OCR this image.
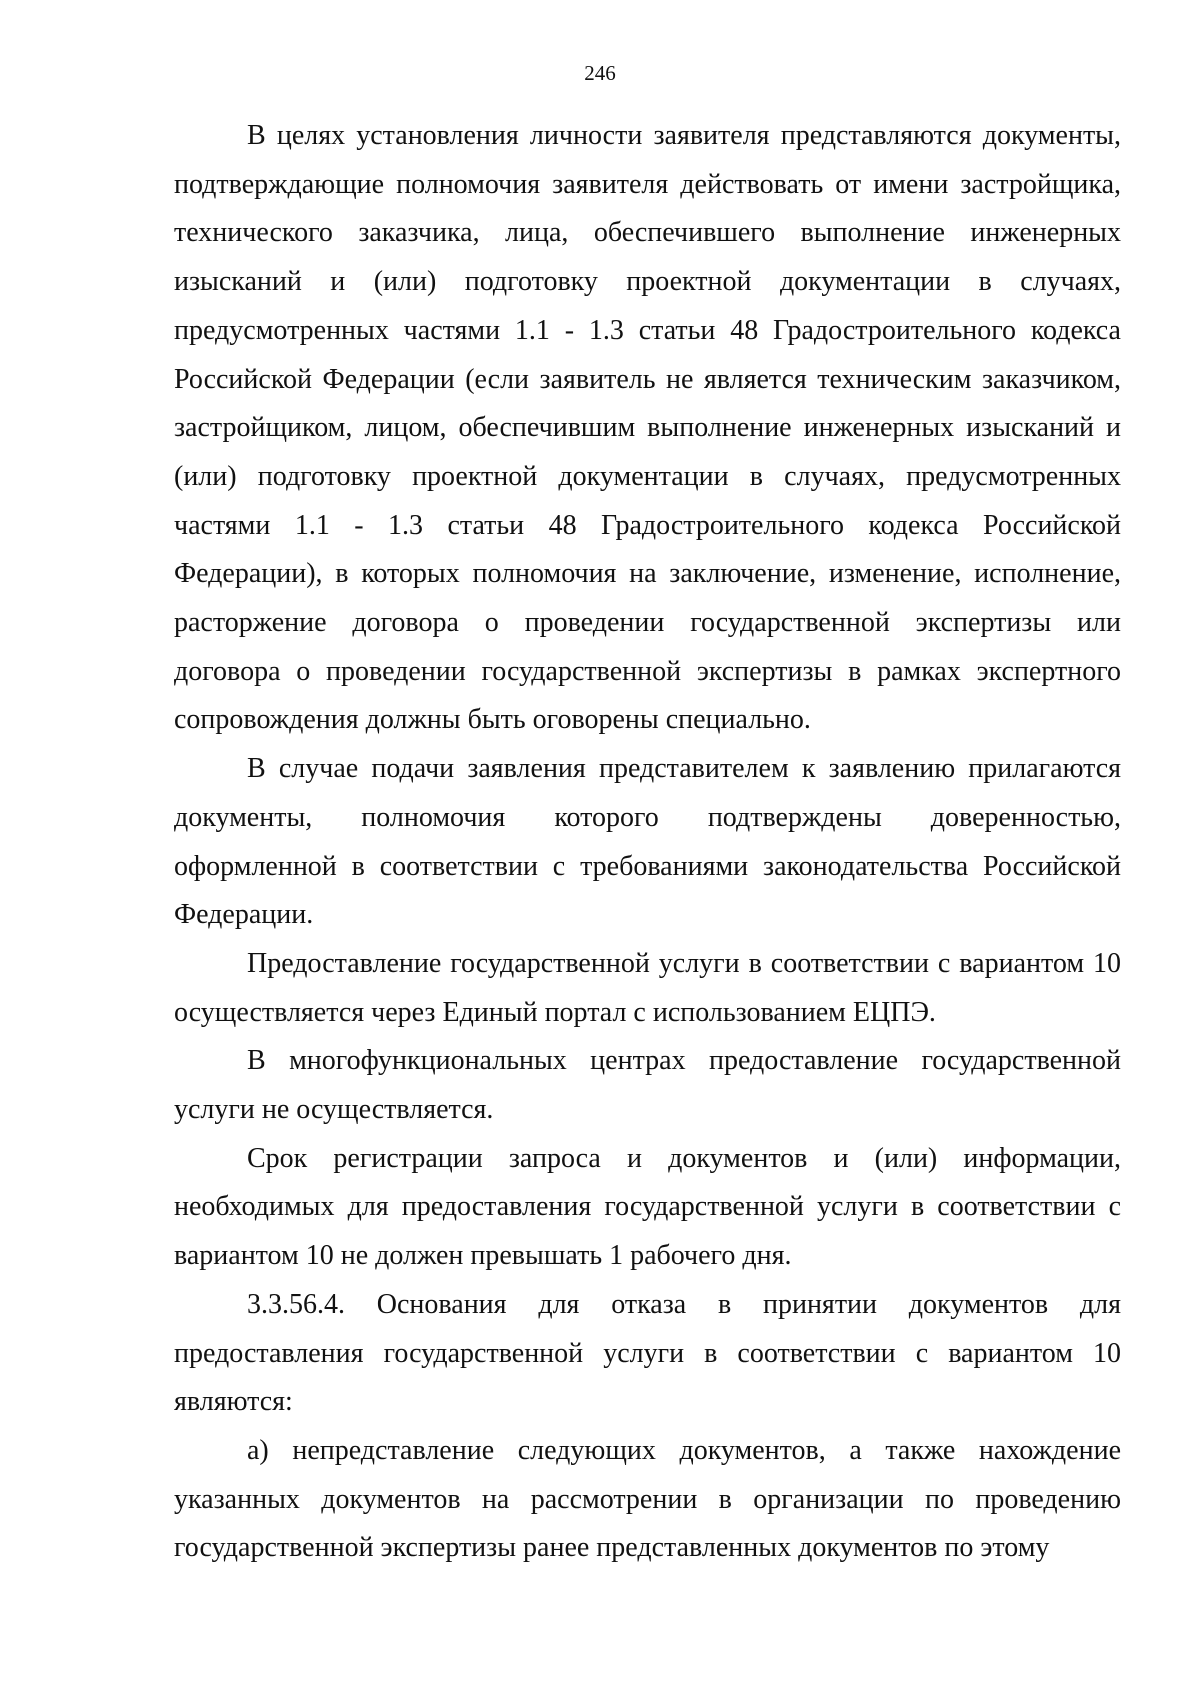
246

В целях установления личности заявителя представляются документы, подтверждающие полномочия заявителя действовать от имени застройщика, технического заказчика, лица, обеспечившего выполнение инженерных изысканий и (или) подготовку проектной документации в случаях, предусмотренных частями 1.1 - 1.3 статьи 48 Градостроительного кодекса Российской Федерации (если заявитель не является техническим заказчиком, застройщиком, лицом, обеспечившим выполнение инженерных изысканий и (или) подготовку проектной документации в случаях, предусмотренных частями 1.1 - 1.3 статьи 48 Градостроительного кодекса Российской Федерации), в которых полномочия на заключение, изменение, исполнение, расторжение договора о проведении государственной экспертизы или договора о проведении государственной экспертизы в рамках экспертного сопровождения должны быть оговорены специально.

В случае подачи заявления представителем к заявлению прилагаются документы, полномочия которого подтверждены доверенностью, оформленной в соответствии с требованиями законодательства Российской Федерации.

Предоставление государственной услуги в соответствии с вариантом 10 осуществляется через Единый портал с использованием ЕЦПЭ.

В многофункциональных центрах предоставление государственной услуги не осуществляется.

Срок регистрации запроса и документов и (или) информации, необходимых для предоставления государственной услуги в соответствии с вариантом 10 не должен превышать 1 рабочего дня.

3.3.56.4. Основания для отказа в принятии документов для предоставления государственной услуги в соответствии с вариантом 10 являются:

а) непредставление следующих документов, а также нахождение указанных документов на рассмотрении в организации по проведению государственной экспертизы ранее представленных документов по этому
